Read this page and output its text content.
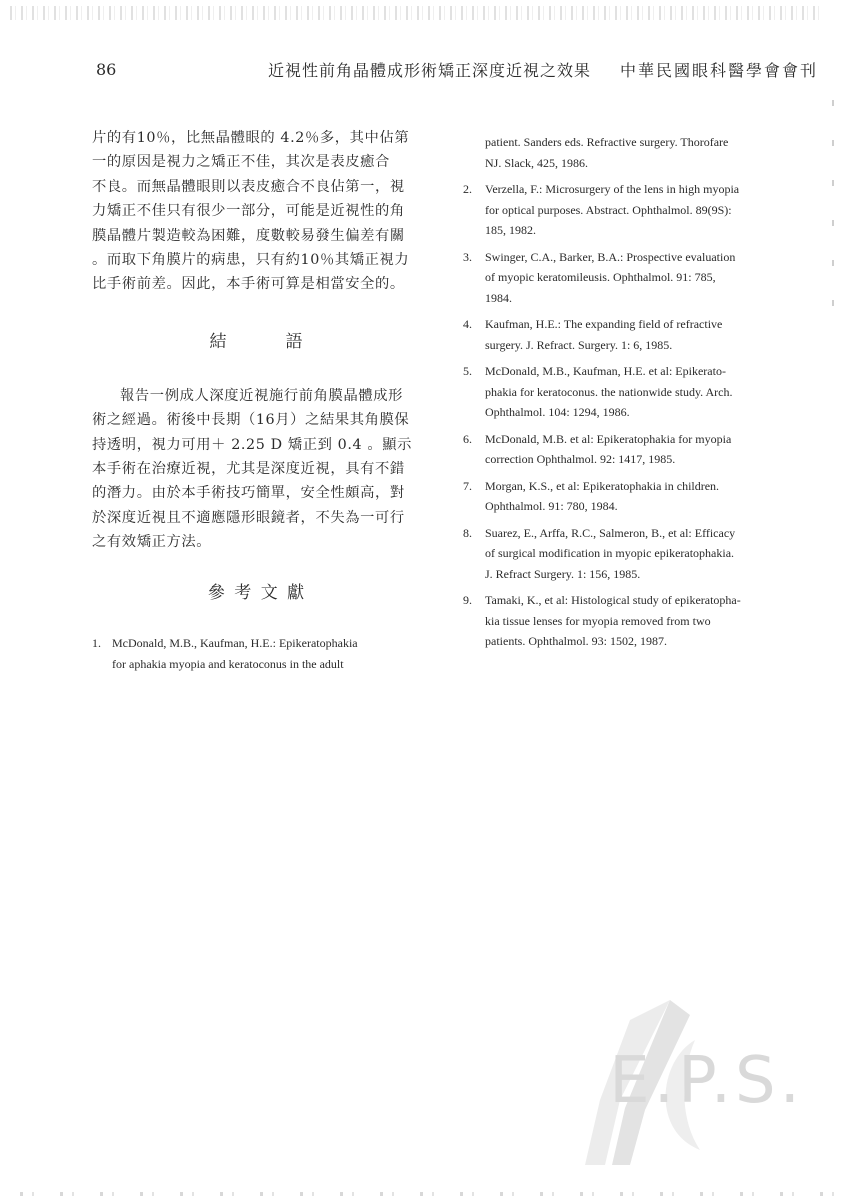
86	近視性前角晶體成形術矯正深度近視之效果 中華民國眼科醫學會會刊
片的有10％，比無晶體眼的 4.2％多，其中佔第
一的原因是視力之矯正不佳，其次是表皮癒合
不良。而無晶體眼則以表皮癒合不良佔第一，視
力矯正不佳只有很少一部分，可能是近視性的角
膜晶體片製造較為困難，度數較易發生偏差有關
。而取下角膜片的病患，只有約10％其矯正視力
比手術前差。因此，本手術可算是相當安全的。
結　　　語
報告一例成人深度近視施行前角膜晶體成形
術之經過。術後中長期（16月）之結果其角膜保
持透明，視力可用＋ 2.25 D 矯正到 0.4 。顯示
本手術在治療近視，尤其是深度近視，具有不錯
的潛力。由於本手術技巧簡單，安全性頗高，對
於深度近視且不適應隱形眼鏡者，不失為一可行
之有效矯正方法。
參 考 文 獻
1. McDonald, M.B., Kaufman, H.E.: Epikeratophakia
for aphakia myopia and keratoconus in the adult
patient. Sanders eds. Refractive surgery. Thorofare
NJ. Slack, 425, 1986.
2. Verzella, F.: Microsurgery of the lens in high myopia
for optical purposes. Abstract. Ophthalmol. 89(9S):
185, 1982.
3. Swinger, C.A., Barker, B.A.: Prospective evaluation
of myopic keratomileusis. Ophthalmol. 91: 785,
1984.
4. Kaufman, H.E.: The expanding field of refractive
surgery. J. Refract. Surgery. 1: 6, 1985.
5. McDonald, M.B., Kaufman, H.E. et al: Epikerato-
phakia for keratoconus. the nationwide study. Arch.
Ophthalmol. 104: 1294, 1986.
6. McDonald, M.B. et al: Epikeratophakia for myopia
correction Ophthalmol. 92: 1417, 1985.
7. Morgan, K.S., et al: Epikeratophakia in children.
Ophthalmol. 91: 780, 1984.
8. Suarez, E., Arffa, R.C., Salmeron, B., et al: Efficacy
of surgical modification in myopic epikeratophakia.
J. Refract Surgery. 1: 156, 1985.
9. Tamaki, K., et al: Histological study of epikeratopha-
kia tissue lenses for myopia removed from two
patients. Ophthalmol. 93: 1502, 1987.
E.P.S.
